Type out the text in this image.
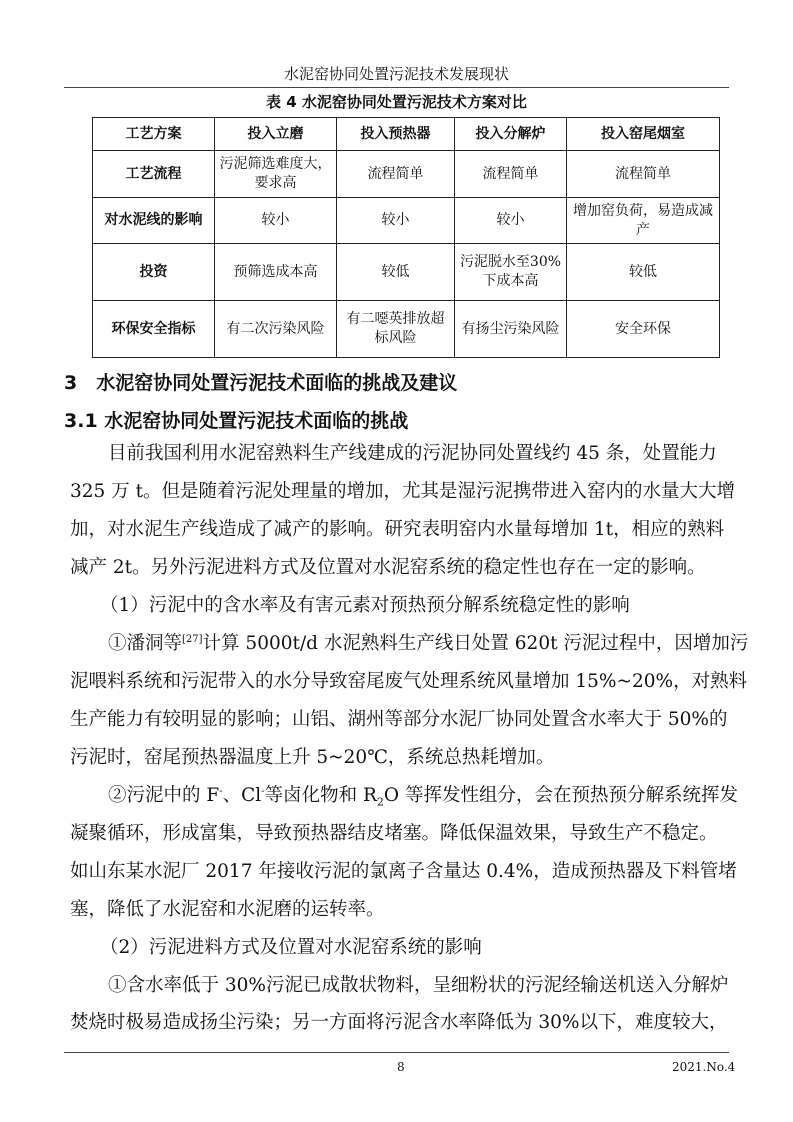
水泥窑协同处置污泥技术发展现状
表 4 水泥窑协同处置污泥技术方案对比
工艺方案	投入立磨	投入预热器	投入分解炉	投入窑尾烟室
工艺流程	污泥筛选难度大，要求高	流程简单	流程简单	流程简单
对水泥线的影响	较小	较小	较小	增加窑负荷，易造成减产
投资	预筛选成本高	较低	污泥脱水至30%下成本高	较低
环保安全指标	有二次污染风险	有二噁英排放超标风险	有扬尘污染风险	安全环保
3　水泥窑协同处置污泥技术面临的挑战及建议
3.1 水泥窑协同处置污泥技术面临的挑战
目前我国利用水泥窑熟料生产线建成的污泥协同处置线约 45 条，处置能力
325 万 t。但是随着污泥处理量的增加，尤其是湿污泥携带进入窑内的水量大大增
加，对水泥生产线造成了减产的影响。研究表明窑内水量每增加 1t，相应的熟料
减产 2t。另外污泥进料方式及位置对水泥窑系统的稳定性也存在一定的影响。
（1）污泥中的含水率及有害元素对预热预分解系统稳定性的影响
①潘洞等[27]计算 5000t/d 水泥熟料生产线日处置 620t 污泥过程中，因增加污
泥喂料系统和污泥带入的水分导致窑尾废气处理系统风量增加 15%~20%，对熟料
生产能力有较明显的影响；山铝、湖州等部分水泥厂协同处置含水率大于 50%的
污泥时，窑尾预热器温度上升 5~20℃，系统总热耗增加。
②污泥中的 F-、Cl-等卤化物和 $R_2O$ 等挥发性组分，会在预热预分解系统挥发
凝聚循环，形成富集，导致预热器结皮堵塞。降低保温效果，导致生产不稳定。
如山东某水泥厂 2017 年接收污泥的氯离子含量达 0.4%，造成预热器及下料管堵
塞，降低了水泥窑和水泥磨的运转率。
（2）污泥进料方式及位置对水泥窑系统的影响
①含水率低于 30%污泥已成散状物料，呈细粉状的污泥经输送机送入分解炉
焚烧时极易造成扬尘污染；另一方面将污泥含水率降低为 30%以下，难度较大，
8	2021.No.4
